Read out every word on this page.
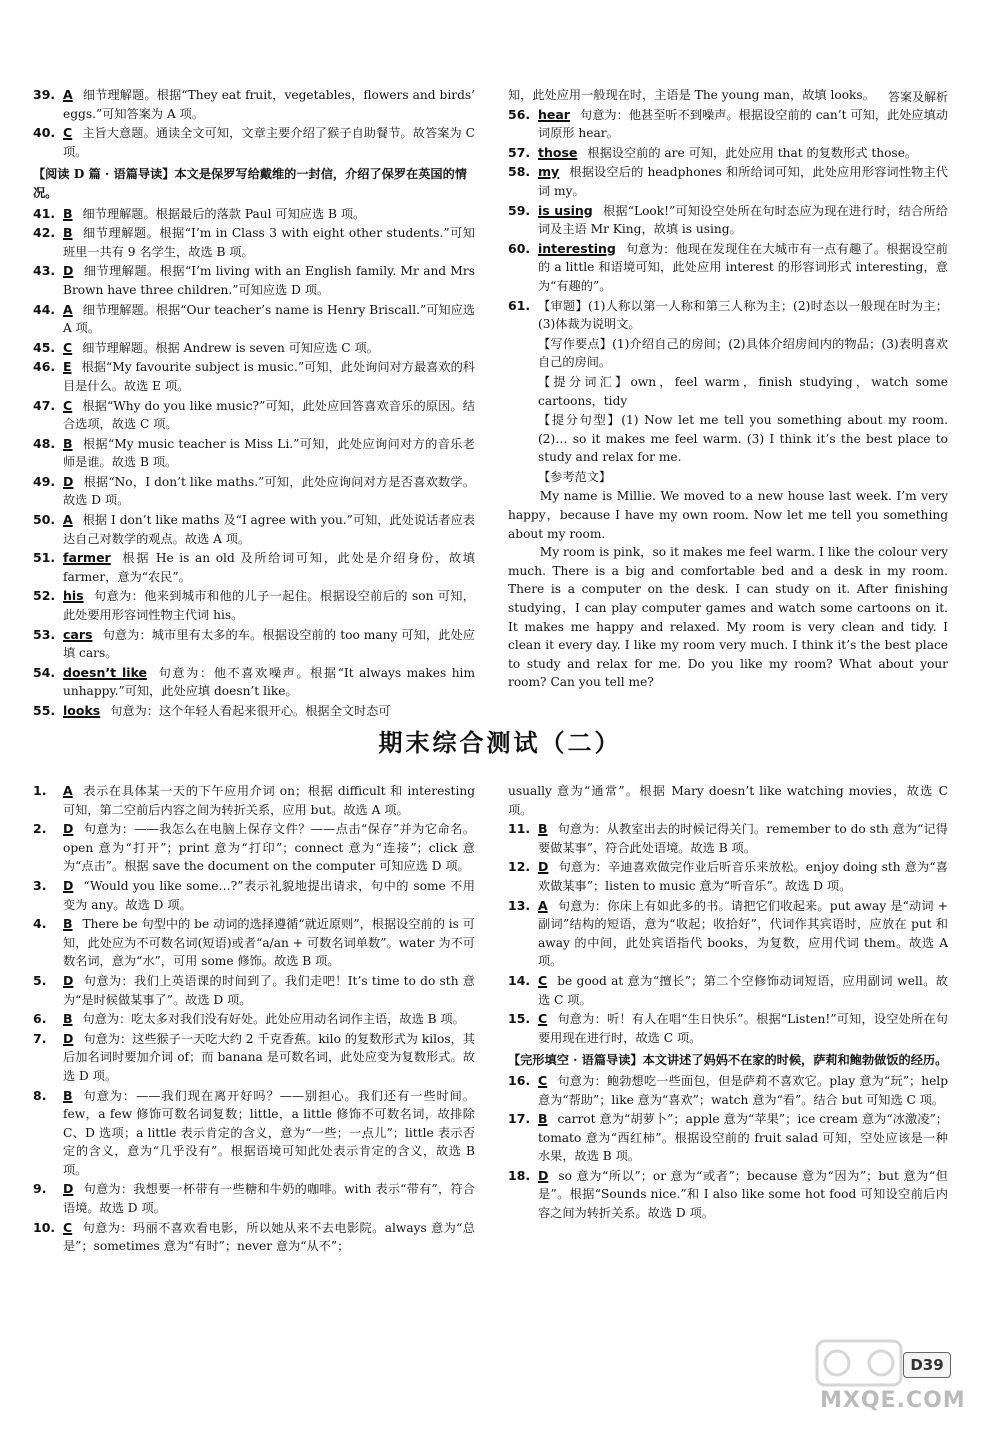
答案及解析
39. A 细节理解题。根据“They eat fruit，vegetables，flowers and birds’ eggs.”可知答案为 A 项。
40. C 主旨大意题。通读全文可知，文章主要介绍了猴子自助餐节。故答案为 C 项。
【阅读 D 篇 · 语篇导读】本文是保罗写给戴维的一封信，介绍了保罗在英国的情况。
41. B 细节理解题。根据最后的落款 Paul 可知应选 B 项。
42. B 细节理解题。根据“I’m in Class 3 with eight other students.”可知班里一共有 9 名学生，故选 B 项。
43. D 细节理解题。根据“I’m living with an English family. Mr and Mrs Brown have three children.”可知应选 D 项。
44. A 细节理解题。根据“Our teacher’s name is Henry Briscall.”可知应选 A 项。
45. C 细节理解题。根据 Andrew is seven 可知应选 C 项。
46. E 根据“My favourite subject is music.”可知，此处询问对方最喜欢的科目是什么。故选 E 项。
47. C 根据“Why do you like music?”可知，此处应回答喜欢音乐的原因。结合选项，故选 C 项。
48. B 根据“My music teacher is Miss Li.”可知，此处应询问对方的音乐老师是谁。故选 B 项。
49. D 根据“No，I don’t like maths.”可知，此处应询问对方是否喜欢数学。故选 D 项。
50. A 根据 I don’t like maths 及“I agree with you.”可知，此处说话者应表达自己对数学的观点。故选 A 项。
51. farmer 根据 He is an old 及所给词可知，此处是介绍身份，故填 farmer，意为“农民”。
52. his 句意为：他来到城市和他的儿子一起住。根据设空前后的 son 可知，此处要用形容词性物主代词 his。
53. cars 句意为：城市里有太多的车。根据设空前的 too many 可知，此处应填 cars。
54. doesn’t like 句意为：他不喜欢噪声。根据“It always makes him unhappy.”可知，此处应填 doesn’t like。
55. looks 句意为：这个年轻人看起来很开心。根据全文时态可
知，此处应用一般现在时，主语是 The young man，故填 looks。
56. hear 句意为：他甚至听不到噪声。根据设空前的 can’t 可知，此处应填动词原形 hear。
57. those 根据设空前的 are 可知，此处应用 that 的复数形式 those。
58. my 根据设空后的 headphones 和所给词可知，此处应用形容词性物主代词 my。
59. is using 根据“Look!”可知设空处所在句时态应为现在进行时，结合所给词及主语 Mr King，故填 is using。
60. interesting 句意为：他现在发现住在大城市有一点有趣了。根据设空前的 a little 和语境可知，此处应用 interest 的形容词形式 interesting，意为“有趣的”。
61. 【审题】(1)人称以第一人称和第三人称为主；(2)时态以一般现在时为主；(3)体裁为说明文。
【写作要点】(1)介绍自己的房间；(2)具体介绍房间内的物品；(3)表明喜欢自己的房间。
【提分词汇】own，feel warm，finish studying，watch some cartoons，tidy
【提分句型】(1) Now let me tell you something about my room. (2)… so it makes me feel warm. (3) I think it’s the best place to study and relax for me.
【参考范文】
My name is Millie. We moved to a new house last week. I’m very happy，because I have my own room. Now let me tell you something about my room.
My room is pink，so it makes me feel warm. I like the colour very much. There is a big and comfortable bed and a desk in my room. There is a computer on the desk. I can study on it. After finishing studying，I can play computer games and watch some cartoons on it. It makes me happy and relaxed. My room is very clean and tidy. I clean it every day. I like my room very much. I think it’s the best place to study and relax for me. Do you like my room? What about your room? Can you tell me?
期末综合测试（二）
1. A 表示在具体某一天的下午应用介词 on；根据 difficult 和 interesting 可知，第二空前后内容之间为转折关系，应用 but。故选 A 项。
2. D 句意为：——我怎么在电脑上保存文件？——点击“保存”并为它命名。open 意为“打开”；print 意为“打印”；connect 意为“连接”；click 意为“点击”。根据 save the document on the computer 可知应选 D 项。
3. D “Would you like some…?”表示礼貌地提出请求，句中的 some 不用变为 any。故选 D 项。
4. B There be 句型中的 be 动词的选择遵循“就近原则”，根据设空前的 is 可知，此处应为不可数名词(短语)或者“a/an + 可数名词单数”。water 为不可数名词，意为“水”，可用 some 修饰。故选 B 项。
5. D 句意为：我们上英语课的时间到了。我们走吧！It’s time to do sth 意为“是时候做某事了”。故选 D 项。
6. B 句意为：吃太多对我们没有好处。此处应用动名词作主语，故选 B 项。
7. D 句意为：这些猴子一天吃大约 2 千克香蕉。kilo 的复数形式为 kilos，其后加名词时要加介词 of；而 banana 是可数名词，此处应变为复数形式。故选 D 项。
8. B 句意为：——我们现在离开好吗？——别担心。我们还有一些时间。few，a few 修饰可数名词复数；little，a little 修饰不可数名词，故排除 C、D 选项；a little 表示肯定的含义，意为“一些；一点儿”；little 表示否定的含义，意为“几乎没有”。根据语境可知此处表示肯定的含义，故选 B 项。
9. D 句意为：我想要一杯带有一些糖和牛奶的咖啡。with 表示“带有”，符合语境。故选 D 项。
10. C 句意为：玛丽不喜欢看电影，所以她从来不去电影院。always 意为“总是”；sometimes 意为“有时”；never 意为“从不”；
usually 意为“通常”。根据 Mary doesn’t like watching movies，故选 C 项。
11. B 句意为：从教室出去的时候记得关门。remember to do sth 意为“记得要做某事”，符合此处语境。故选 B 项。
12. D 句意为：辛迪喜欢做完作业后听音乐来放松。enjoy doing sth 意为“喜欢做某事”；listen to music 意为“听音乐”。故选 D 项。
13. A 句意为：你床上有如此多的书。请把它们收起来。put away 是“动词 + 副词”结构的短语，意为“收起；收拾好”，代词作其宾语时，应放在 put 和 away 的中间，此处宾语指代 books，为复数，应用代词 them。故选 A 项。
14. C be good at 意为“擅长”；第二个空修饰动词短语，应用副词 well。故选 C 项。
15. C 句意为：听！有人在唱“生日快乐”。根据“Listen!”可知，设空处所在句要用现在进行时，故选 C 项。
【完形填空 · 语篇导读】本文讲述了妈妈不在家的时候，萨莉和鲍勃做饭的经历。
16. C 句意为：鲍勃想吃一些面包，但是萨莉不喜欢它。play 意为“玩”；help 意为“帮助”；like 意为“喜欢”；watch 意为“看”。结合 but 可知选 C 项。
17. B carrot 意为“胡萝卜”；apple 意为“苹果”；ice cream 意为“冰激凌”；tomato 意为“西红柿”。根据设空前的 fruit salad 可知，空处应该是一种水果，故选 B 项。
18. D so 意为“所以”；or 意为“或者”；because 意为“因为”；but 意为“但是”。根据“Sounds nice.”和 I also like some hot food 可知设空前后内容之间为转折关系。故选 D 项。
D39
MXQE.COM
